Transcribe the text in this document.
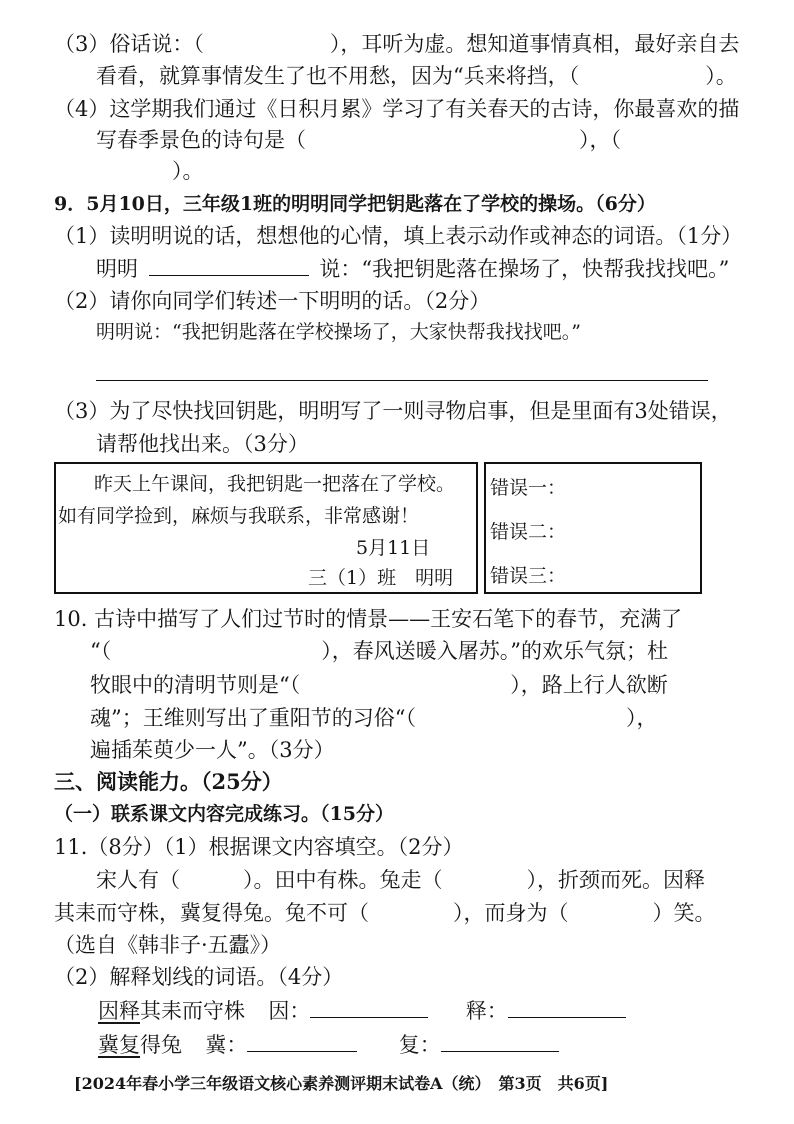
（3）俗话说：（　　　　　　），耳听为虚。想知道事情真相，最好亲自去
看看，就算事情发生了也不用愁，因为“兵来将挡，（　　　　　　）。
（4）这学期我们通过《日积月累》学习了有关春天的古诗，你最喜欢的描
写春季景色的诗句是（　　　　　　　　　　　　　），（
）。
9．5月10日，三年级1班的明明同学把钥匙落在了学校的操场。（6分）
（1）读明明说的话，想想他的心情，填上表示动作或神态的词语。（1分）
明明	说：“我把钥匙落在操场了，快帮我找找吧。”
（2）请你向同学们转述一下明明的话。（2分）
明明说：“我把钥匙落在学校操场了，大家快帮我找找吧。”
（3）为了尽快找回钥匙，明明写了一则寻物启事，但是里面有3处错误，
请帮他找出来。（3分）
昨天上午课间，我把钥匙一把落在了学校。
如有同学捡到，麻烦与我联系，非常感谢！
5月11日
三（1）班　明明
错误一：
错误二：
错误三：
10. 古诗中描写了人们过节时的情景——王安石笔下的春节，充满了
“（　　　　　　　　　　），春风送暖入屠苏。”的欢乐气氛；杜
牧眼中的清明节则是“（　　　　　　　　　　），路上行人欲断
魂”；王维则写出了重阳节的习俗“（　　　　　　　　　　），
遍插茱萸少一人”。（3分）
三、阅读能力。（25分）
（一）联系课文内容完成练习。（15分）
11.（8分）（1）根据课文内容填空。（2分）
宋人有（　　　）。田中有株。兔走（　　　　），折颈而死。因释
其耒而守株，冀复得兔。兔不可（　　　　），而身为（　　　　）笑。
（选自《韩非子·五蠹》）
（2）解释划线的词语。（4分）
因释其耒而守株 因：	释：
冀复得兔 冀：	复：
[2024年春小学三年级语文核心素养测评期末试卷A（统）　第3页　共6页]
